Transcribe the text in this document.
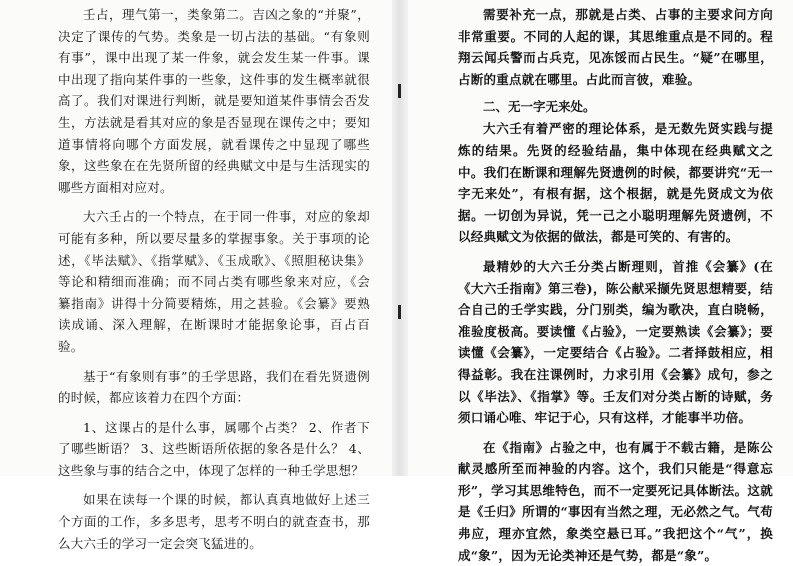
壬占，理气第一，类象第二。吉凶之象的“并聚”，决定了课传的气势。类象是一切占法的基础。“有象则有事”，课中出现了某一件象，就会发生某一件事。课中出现了指向某件事的一些象，这件事的发生概率就很高了。我们对课进行判断，就是要知道某件事情会否发生，方法就是看其对应的象是否显现在课传之中；要知道事情将向哪个方面发展，就看课传之中显现了哪些象，这些象在在先贤所留的经典赋文中是与生活现实的哪些方面相对应对。

大六壬占的一个特点，在于同一件事，对应的象却可能有多种，所以要尽量多的掌握事象。关于事项的论述，《毕法赋》、《指掌赋》、《玉成歌》、《照胆秘诀集》等论和精细而准确；而不同占类有哪些象来对应，《会纂指南》讲得十分简要精炼，用之甚验。《会纂》要熟读成诵、深入理解，在断课时才能据象论事，百占百验。

基于“有象则有事”的壬学思路，我们在看先贤遗例的时候，都应该着力在四个方面：

1、这课占的是什么事，属哪个占类？ 2、作者下了哪些断语？ 3、这些断语所依据的象各是什么？ 4、这些象与事的结合之中，体现了怎样的一种壬学思想？

如果在读每一个课的时候，都认真真地做好上述三个方面的工作，多多思考，思考不明白的就查查书，那么大六壬的学习一定会突飞猛进的。

需要补充一点，那就是占类、占事的主要求问方向非常重要。不同的人起的课，其思维重点是不同的。程翔云闻兵警而占兵克，见冻馁而占民生。“疑”在哪里，占断的重点就在哪里。占此而言彼，难验。

二、无一字无来处。

大六壬有着严密的理论体系，是无数先贤实践与提炼的结果。先贤的经验结晶，集中体现在经典赋文之中。我们在断课和理解先贤遗例的时候，都要讲究“无一字无来处”，有根有据，这个根据，就是先贤成文为依据。一切创为异说，凭一己之小聪明理解先贤遗例，不以经典赋文为依据的做法，都是可笑的、有害的。

最精妙的大六壬分类占断理则，首推《会纂》(在《大六壬指南》第三卷)，陈公献采撷先贤思想精要，结合自己的壬学实践，分门别类，编为歌决，直白晓畅，准验度极高。要读懂《占验》，一定要熟读《会纂》；要读懂《会纂》，一定要结合《占验》。二者择鼓相应，相得益彰。我在注课例时，力求引用《会纂》成句，参之以《毕法》、《指掌》等。壬友们对分类占断的诗赋，务须口诵心唯、牢记于心，只有这样，才能事半功倍。

在《指南》占验之中，也有属于不载古籍，是陈公献灵感所至而神验的内容。这个，我们只能是“得意忘形”，学习其思维特色，而不一定要死记具体断法。这就是《壬归》所谓的“事因有当然之理，无必然之气。气苟弗应，理亦宜然，象类空悬已耳。”我把这个“气”，换成“象”，因为无论类神还是气势，都是“象”。
